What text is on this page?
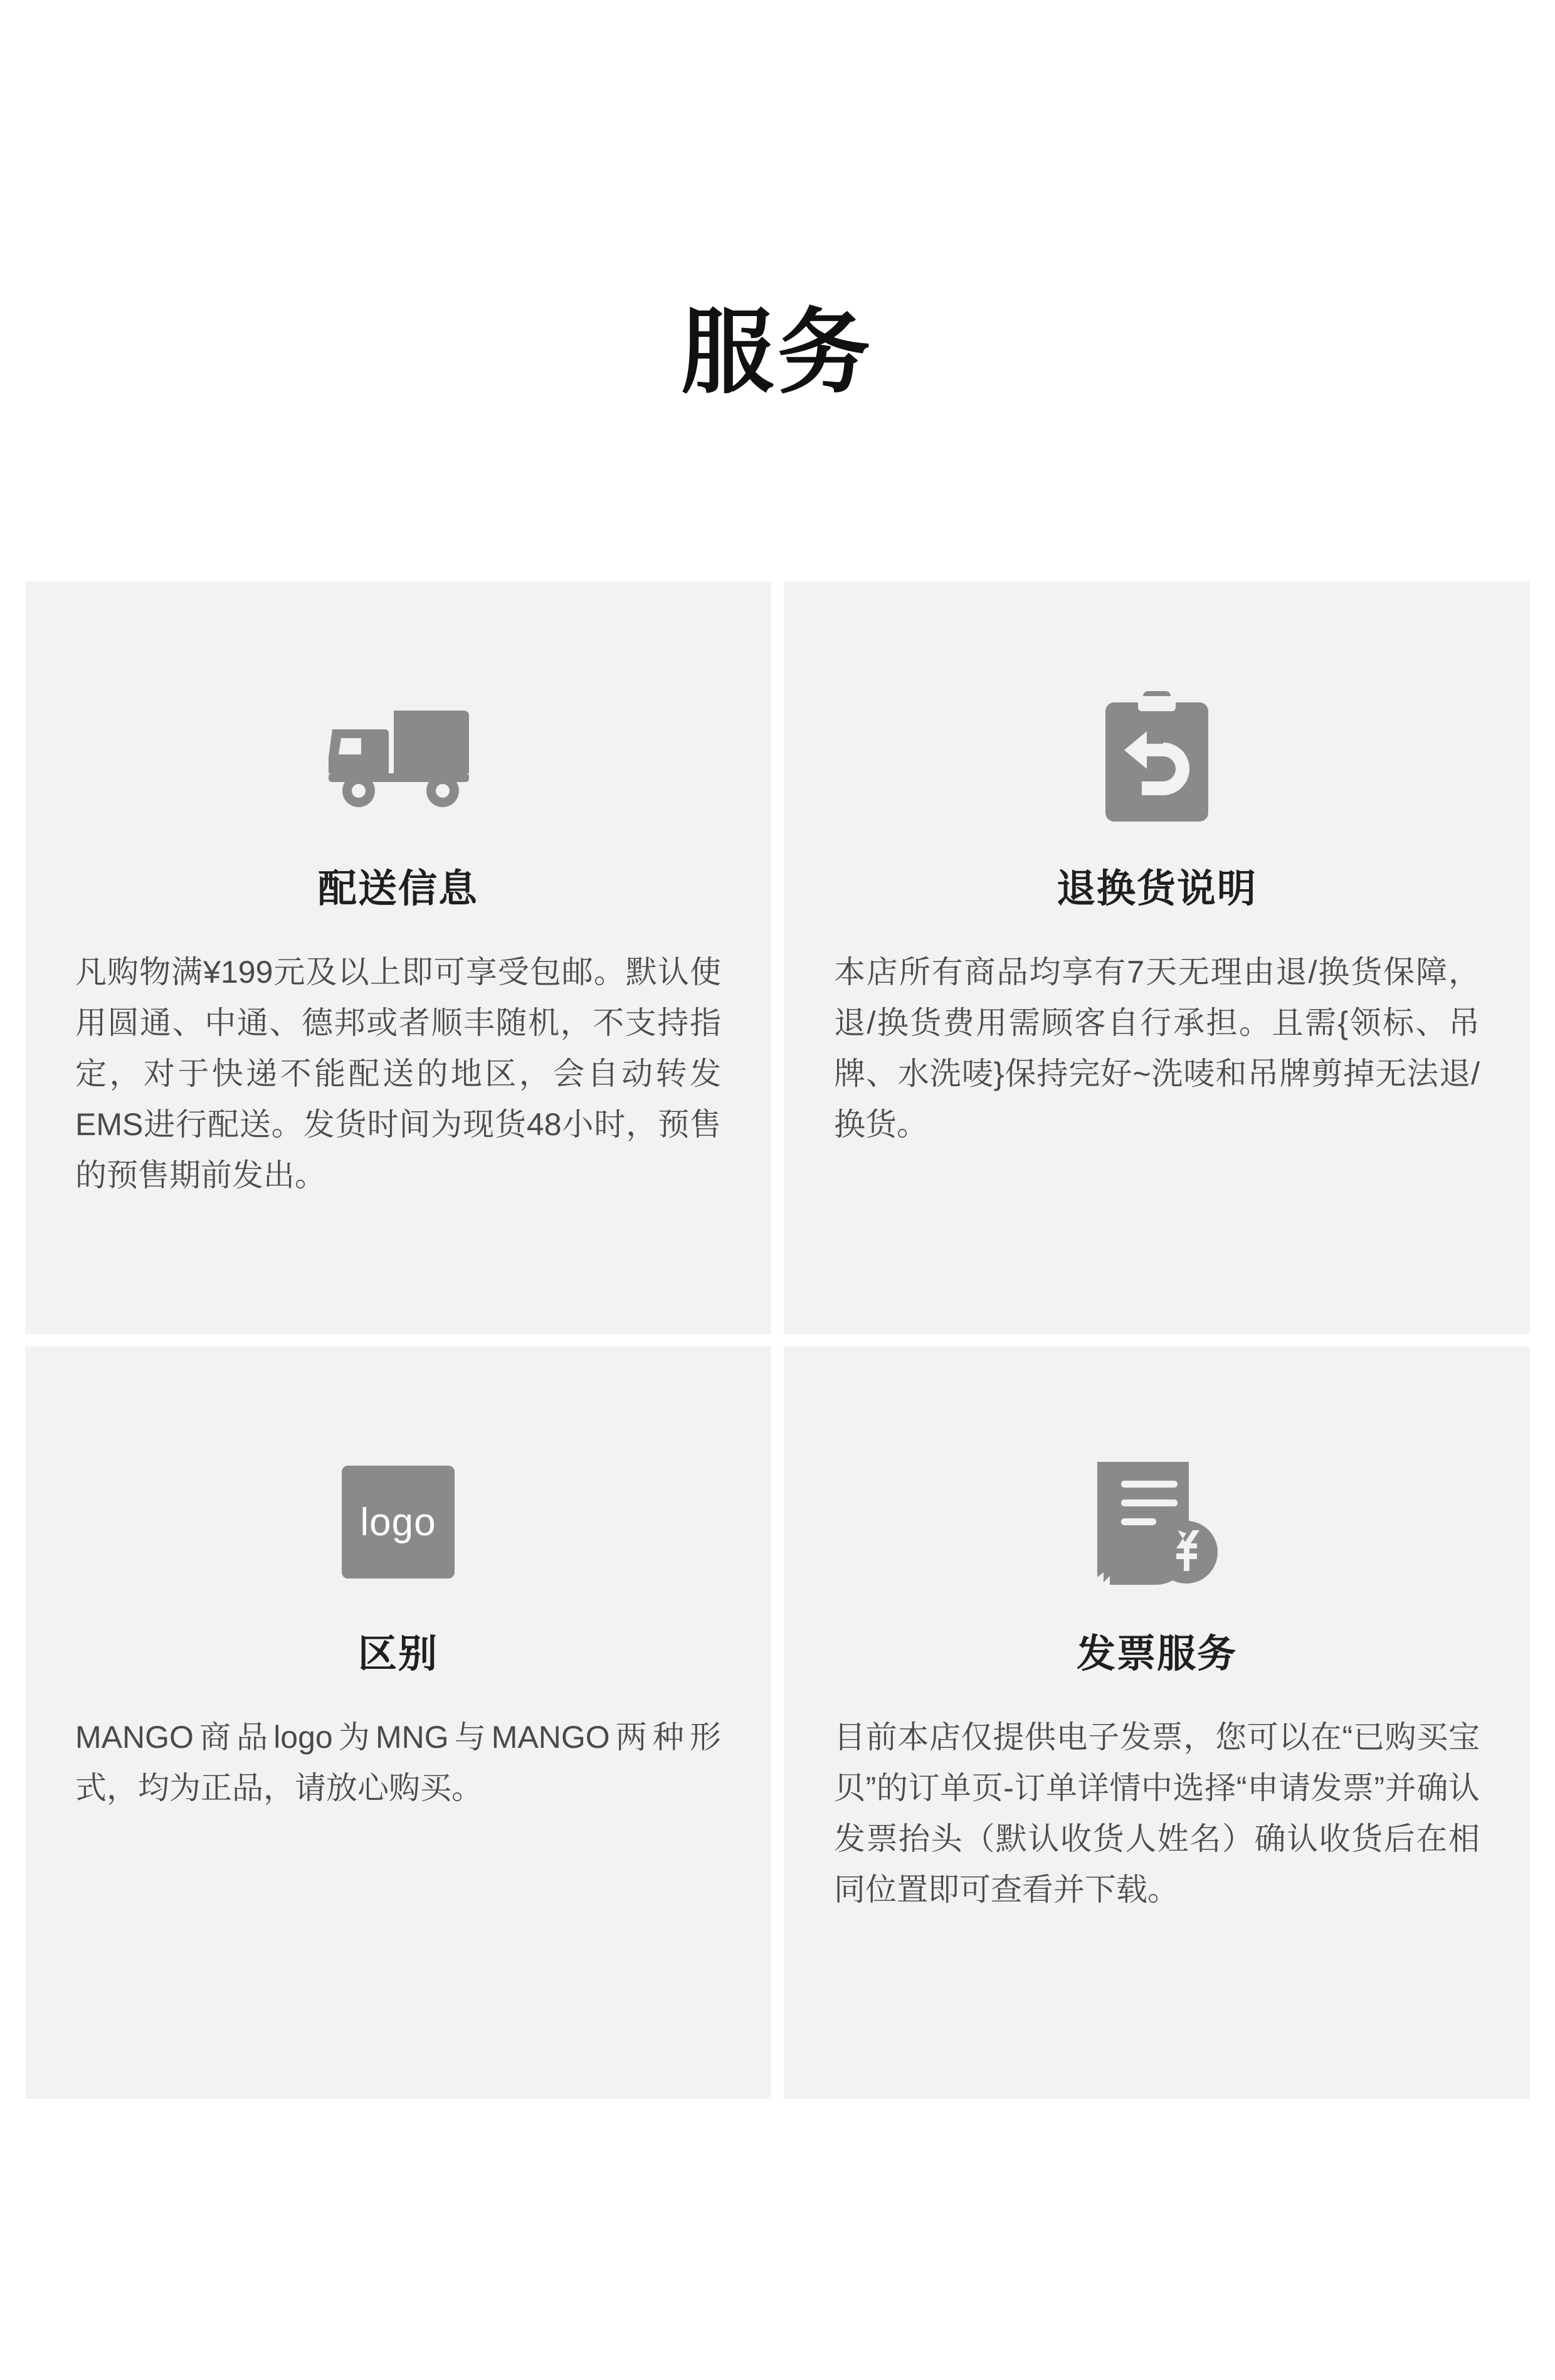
服务
配送信息
凡购物满¥199元及以上即可享受包邮。默认使用圆通、中通、德邦或者顺丰随机，不支持指定，对于快递不能配送的地区，会自动转发EMS进行配送。发货时间为现货48小时，预售的预售期前发出。
退换货说明
本店所有商品均享有7天无理由退/换货保障，退/换货费用需顾客自行承担。且需{领标、吊牌、水洗唛}保持完好~洗唛和吊牌剪掉无法退/换货。
logo
区别
MANGO商品logo为MNG与MANGO两种形式，均为正品，请放心购买。
发票服务
目前本店仅提供电子发票，您可以在“已购买宝贝”的订单页-订单详情中选择“申请发票”并确认发票抬头（默认收货人姓名）确认收货后在相同位置即可查看并下载。
